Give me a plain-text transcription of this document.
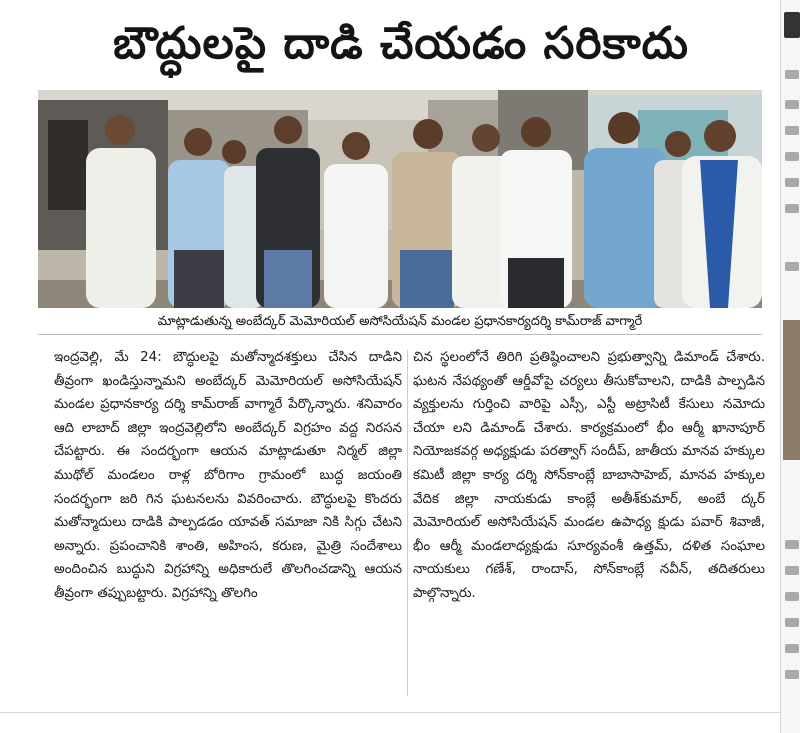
బౌద్ధులపై దాడి చేయడం సరికాదు
మాట్లాడుతున్న అంబేద్కర్ మెమోరియల్ అసోసియేషన్ మండల ప్రధానకార్యదర్శి కామ్‌రాజ్ వాగ్మారే

ఇంద్రవెల్లి, మే 24: బౌద్ధులపై మతోన్మాదశక్తులు చేసిన దాడిని తీవ్రంగా ఖండిస్తున్నామని అంబేద్కర్ మెమోరియల్ అసోసియేషన్ మండల ప్రధానకార్య దర్శి కామ్‌రాజ్ వాగ్మారే పేర్కొన్నారు. శనివారం ఆది లాబాద్ జిల్లా ఇంద్రవెల్లిలోని అంబేద్కర్ విగ్రహం వద్ద నిరసన చేపట్టారు. ఈ సందర్భంగా ఆయన మాట్లాడుతూ నిర్మల్ జిల్లా ముథోల్ మండలం రాళ్ల బోరిగాం గ్రామంలో బుద్ధ జయంతి సందర్భంగా జరి గిన ఘటనలను వివరించారు. బౌద్ధులపై కొందరు మతోన్మాదులు దాడికి పాల్పడడం యావత్ సమాజా నికి సిగ్గు చేటని అన్నారు. ప్రపంచానికి శాంతి, అహింస, కరుణ, మైత్రి సందేశాలు అందించిన బుద్ధుని విగ్రహాన్ని అధికారులే తొలగించడాన్ని ఆయన తీవ్రంగా తప్పుబట్టారు. విగ్రహాన్ని తొలగిం

చిన స్థలంలోనే తిరిగి ప్రతిష్ఠించాలని ప్రభుత్వాన్ని డిమాండ్ చేశారు. ఘటన నేపథ్యంతో ఆర్డీవోపై చర్యలు తీసుకోవాలని, దాడికి పాల్పడిన వ్యక్తులను గుర్తించి వారిపై ఎస్సీ, ఎస్టీ అట్రాసిటీ కేసులు నమోదు చేయా లని డిమాండ్ చేశారు. కార్యక్రమంలో భీం ఆర్మీ ఖానాపూర్ నియోజకవర్గ అధ్యక్షుడు పరత్వాగ్ సందీప్, జాతీయ మానవ హక్కుల కమిటీ జిల్లా కార్య దర్శి సోన్‌కాంబ్లే బాబాసాహెబ్, మానవ హక్కుల వేదిక జిల్లా నాయకుడు కాంబ్లే అతీశ్‌కుమార్, అంబే ద్కర్ మెమోరియల్ అసోసియేషన్ మండల ఉపాధ్య క్షుడు పవార్ శివాజీ, భీం ఆర్మీ మండలాధ్యక్షుడు సూర్యవంశీ ఉత్తమ్, దళిత సంఘాల నాయకులు గణేశ్, రాందాస్, సోన్‌కాంబ్లే నవీన్, తదితరులు పాల్గొన్నారు.
